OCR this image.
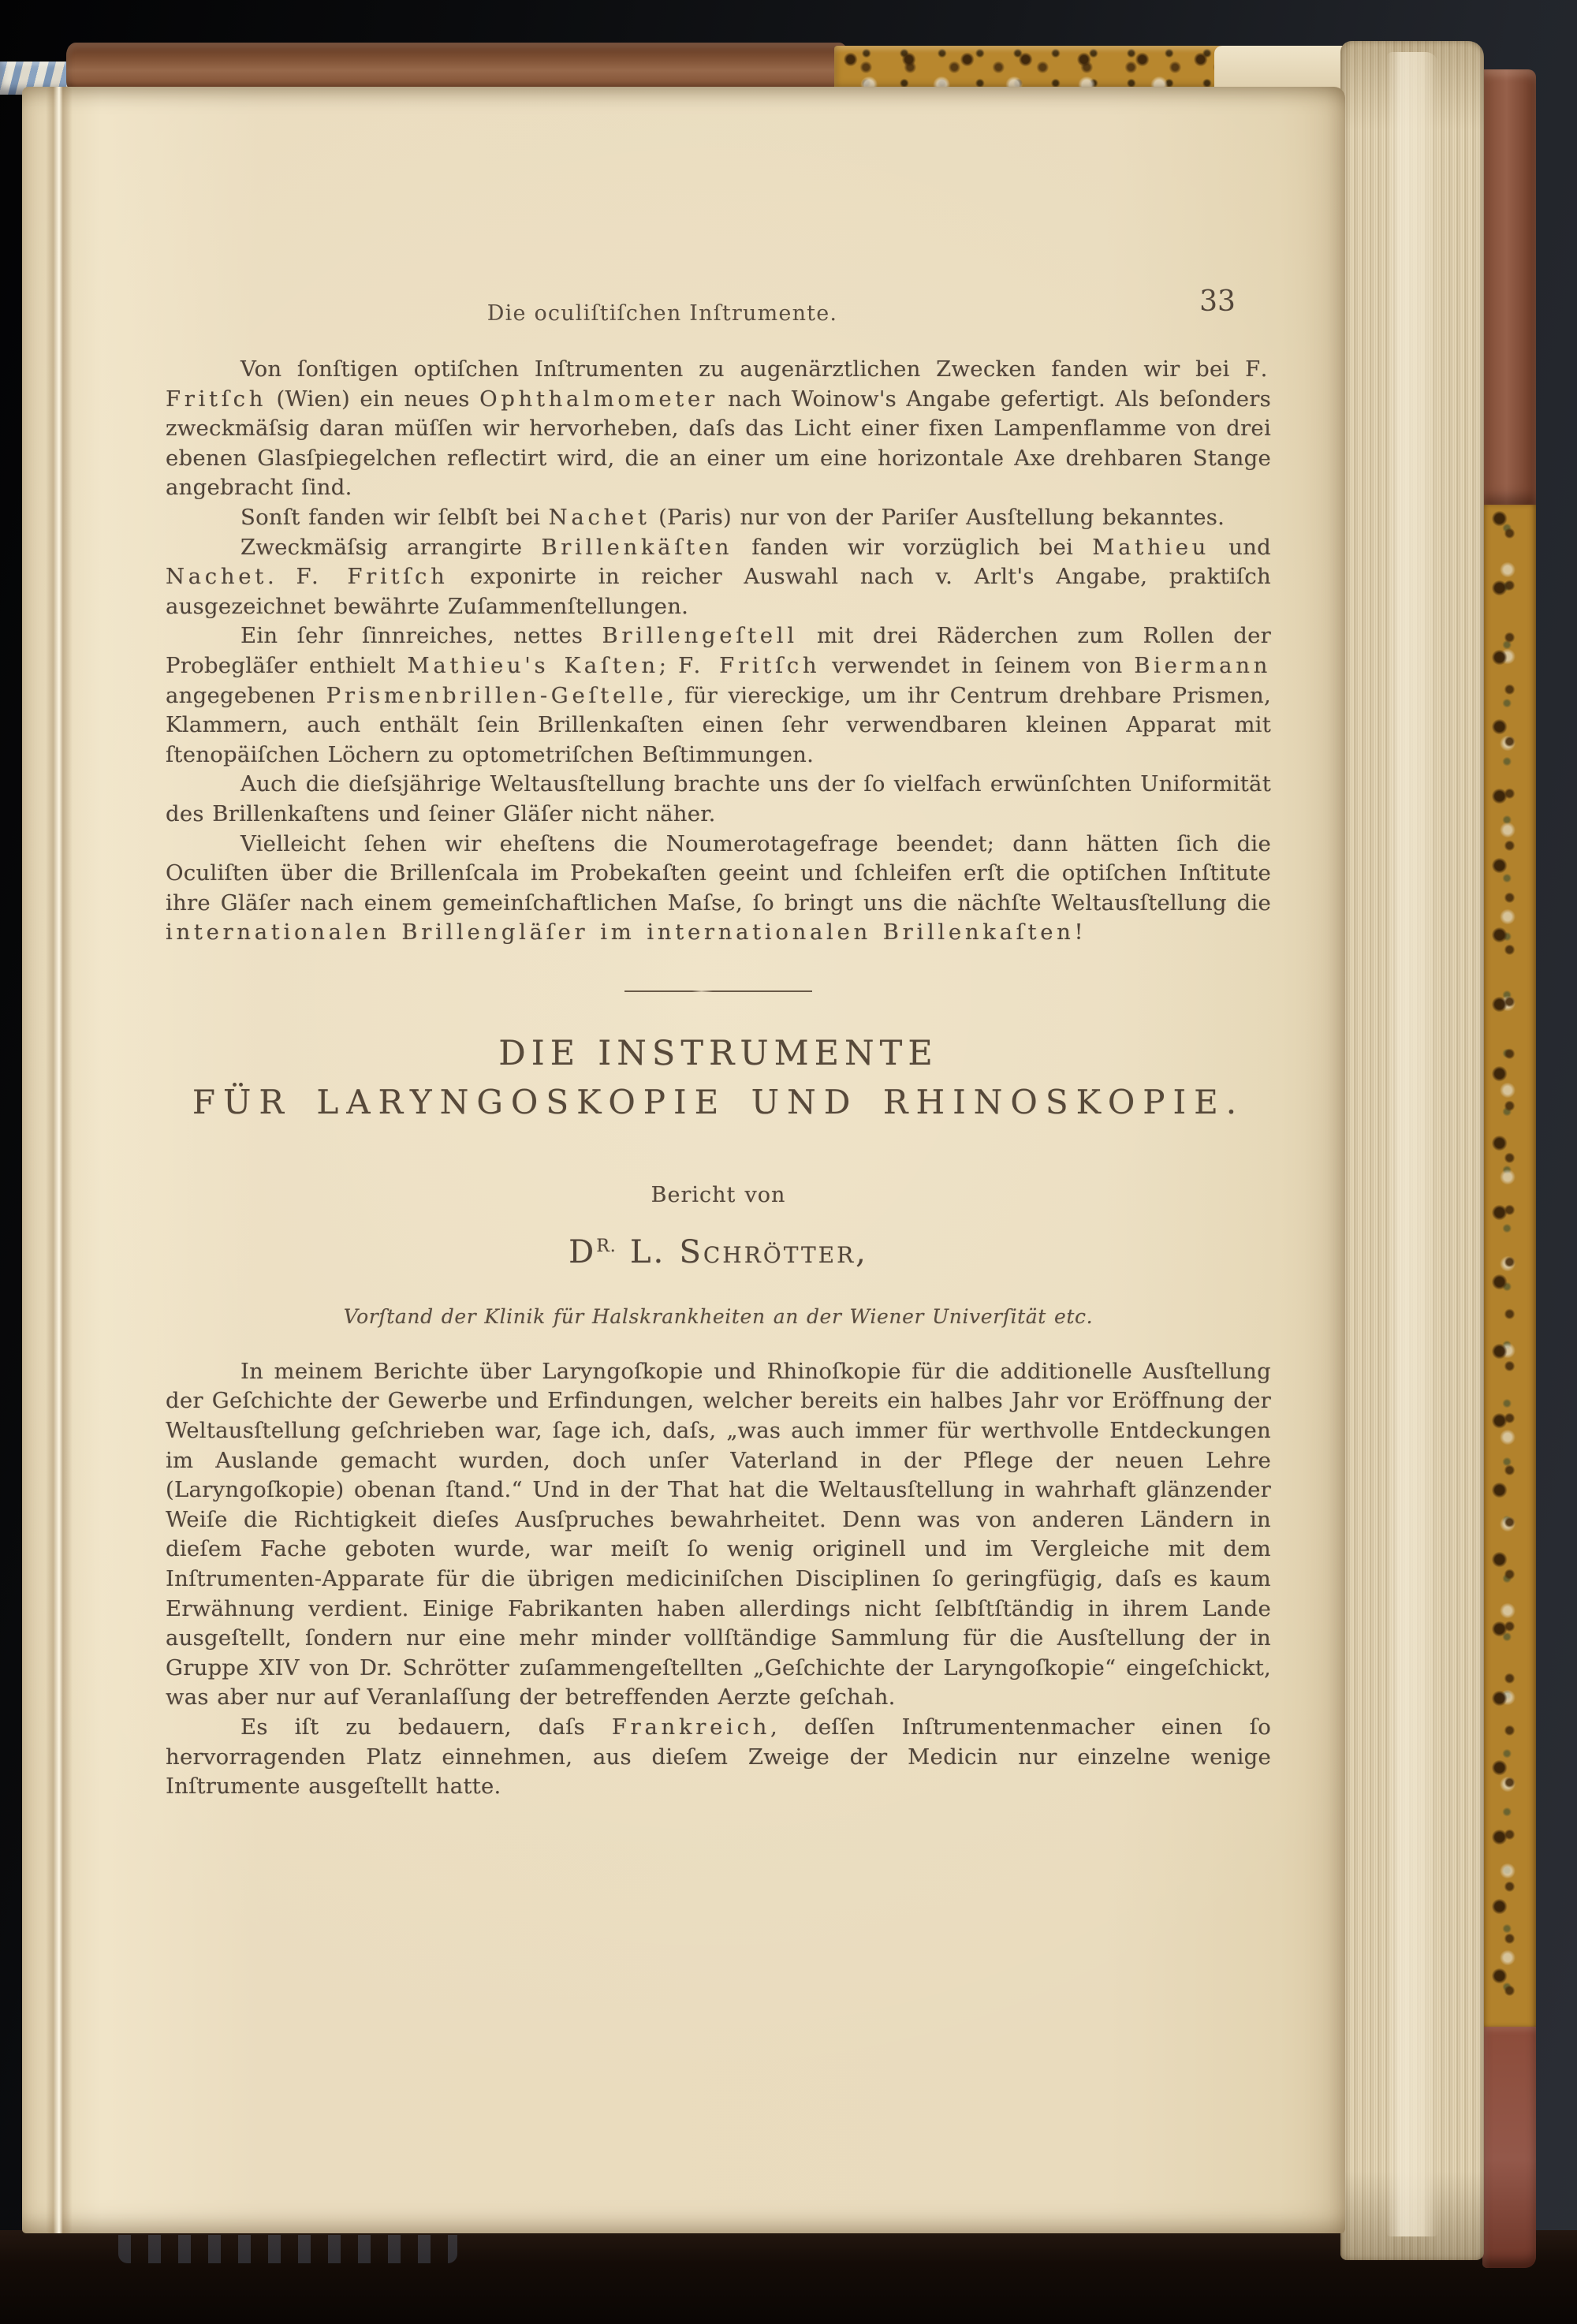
Die oculiſtiſchen Inſtrumente.	33

Von ſonſtigen optiſchen Inſtrumenten zu augenärztlichen Zwecken fanden wir bei F. Fritſch (Wien) ein neues Ophthalmometer nach Woinow's Angabe gefertigt. Als beſonders zweckmäſsig daran müſſen wir hervorheben, daſs das Licht einer fixen Lampenflamme von drei ebenen Glasſpiegelchen reflectirt wird, die an einer um eine horizontale Axe drehbaren Stange angebracht ſind.

Sonſt fanden wir ſelbſt bei Nachet (Paris) nur von der Pariſer Ausſtellung bekanntes.

Zweckmäſsig arrangirte Brillenkäſten fanden wir vorzüglich bei Mathieu und Nachet. F. Fritſch exponirte in reicher Auswahl nach v. Arlt's Angabe, praktiſch ausgezeichnet bewährte Zuſammenſtellungen.

Ein ſehr ſinnreiches, nettes Brillengeſtell mit drei Räderchen zum Rollen der Probegläſer enthielt Mathieu's Kaſten; F. Fritſch verwendet in ſeinem von Biermann angegebenen Prismenbrillen-Geſtelle, für viereckige, um ihr Centrum drehbare Prismen, Klammern, auch enthält ſein Brillenkaſten einen ſehr verwendbaren kleinen Apparat mit ſtenopäiſchen Löchern zu optometriſchen Beſtimmungen.

Auch die dieſsjährige Weltausſtellung brachte uns der ſo vielfach erwünſchten Uniformität des Brillenkaſtens und ſeiner Gläſer nicht näher.

Vielleicht ſehen wir eheſtens die Noumerotagefrage beendet; dann hätten ſich die Oculiſten über die Brillenſcala im Probekaſten geeint und ſchleifen erſt die optiſchen Inſtitute ihre Gläſer nach einem gemeinſchaftlichen Maſse, ſo bringt uns die nächſte Weltausſtellung die internationalen Brillengläſer im internationalen Brillenkaſten!

DIE INSTRUMENTE

FÜR LARYNGOSKOPIE UND RHINOSKOPIE.

Bericht von

$D^{R.}$ L. Schrötter,

Vorſtand der Klinik für Halskrankheiten an der Wiener Univerſität etc.

In meinem Berichte über Laryngoſkopie und Rhinoſkopie für die additionelle Ausſtellung der Geſchichte der Gewerbe und Erfindungen, welcher bereits ein halbes Jahr vor Eröffnung der Weltausſtellung geſchrieben war, ſage ich, daſs, „was auch immer für werthvolle Entdeckungen im Auslande gemacht wurden, doch unſer Vaterland in der Pflege der neuen Lehre (Laryngoſkopie) obenan ſtand.“ Und in der That hat die Weltausſtellung in wahrhaft glänzender Weiſe die Richtigkeit dieſes Ausſpruches bewahrheitet. Denn was von anderen Ländern in dieſem Fache geboten wurde, war meiſt ſo wenig originell und im Vergleiche mit dem Inſtrumenten-Apparate für die übrigen mediciniſchen Disciplinen ſo geringfügig, daſs es kaum Erwähnung verdient. Einige Fabrikanten haben allerdings nicht ſelbſtſtändig in ihrem Lande ausgeſtellt, ſondern nur eine mehr minder vollſtändige Sammlung für die Ausſtellung der in Gruppe XIV von Dr. Schrötter zuſammengeſtellten „Geſchichte der Laryngoſkopie“ eingeſchickt, was aber nur auf Veranlaſſung der betreffenden Aerzte geſchah.

Es iſt zu bedauern, daſs Frankreich, deſſen Inſtrumentenmacher einen ſo hervorragenden Platz einnehmen, aus dieſem Zweige der Medicin nur einzelne wenige Inſtrumente ausgeſtellt hatte.
